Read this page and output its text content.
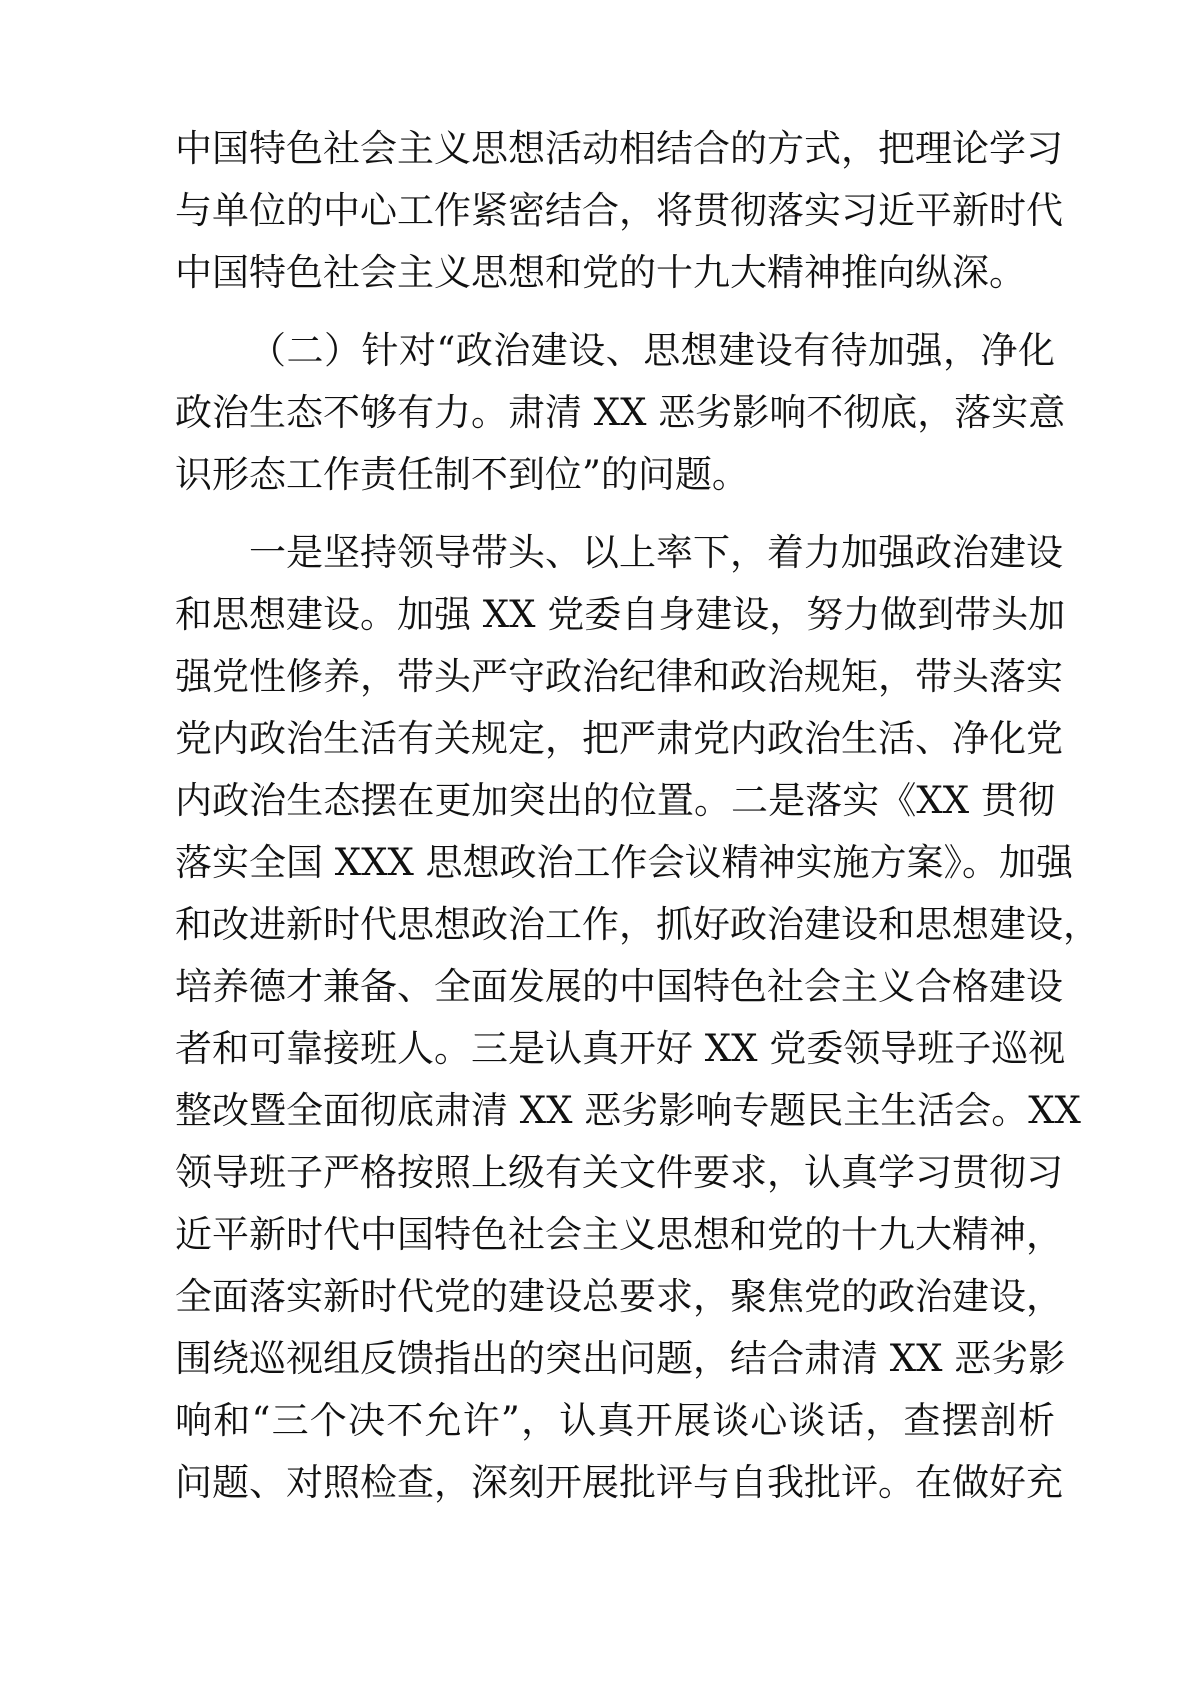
中国特色社会主义思想活动相结合的方式，把理论学习
与单位的中心工作紧密结合，将贯彻落实习近平新时代
中国特色社会主义思想和党的十九大精神推向纵深。
（二）针对“政治建设、思想建设有待加强，净化
政治生态不够有力。肃清 XX 恶劣影响不彻底，落实意
识形态工作责任制不到位”的问题。
一是坚持领导带头、以上率下，着力加强政治建设
和思想建设。加强 XX 党委自身建设，努力做到带头加
强党性修养，带头严守政治纪律和政治规矩，带头落实
党内政治生活有关规定，把严肃党内政治生活、净化党
内政治生态摆在更加突出的位置。二是落实《XX 贯彻
落实全国 XXX 思想政治工作会议精神实施方案》。加强
和改进新时代思想政治工作，抓好政治建设和思想建设，
培养德才兼备、全面发展的中国特色社会主义合格建设
者和可靠接班人。三是认真开好 XX 党委领导班子巡视
整改暨全面彻底肃清 XX 恶劣影响专题民主生活会。XX
领导班子严格按照上级有关文件要求，认真学习贯彻习
近平新时代中国特色社会主义思想和党的十九大精神，
全面落实新时代党的建设总要求，聚焦党的政治建设，
围绕巡视组反馈指出的突出问题，结合肃清 XX 恶劣影
响和“三个决不允许”，认真开展谈心谈话，查摆剖析
问题、对照检查，深刻开展批评与自我批评。在做好充
